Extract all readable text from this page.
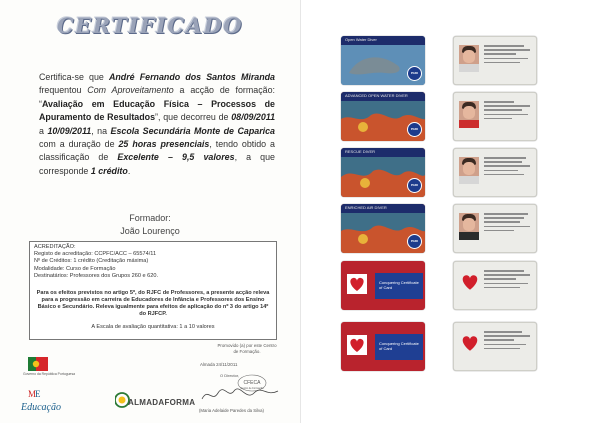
CERTIFICADO
Certifica-se que André Fernando dos Santos Miranda frequentou Com Aproveitamento a acção de formação: “Avaliação em Educação Física – Processos de Apuramento de Resultados”, que decorreu de 08/09/2011 a 10/09/2011, na Escola Secundária Monte de Caparica com a duração de 25 horas presenciais, tendo obtido a classificação de Excelente – 9,5 valores, a que corresponde 1 crédito.
Formador:
João Lourenço
ACREDITAÇÃO:
Registo de acreditação: CCPFC/ACC – 65574/11
Nº de Créditos: 1 crédito (Creditação máxima)
Modalidade: Curso de Formação
Destinatários: Professores dos Grupos 260 e 620.
Para os efeitos previstos no artigo 5º, do RJFC de Professores, a presente acção releva para a progressão em carreira de Educadores de Infância e Professores dos Ensino Básico e Secundário. Releva igualmente para efeitos de aplicação do nº 3 do artigo 14º do RJFCP.
A Escala de avaliação quantitativa: 1 a 10 valores
Promovido (a) por este Centro de Formação.
Almada 24/11/2011
O Director,
CFECA
Centro de Formação
(Maria Adelaide Paredes da Silva)
Governo da República Portuguesa
M
E
Educação	ALMADAFORMA
Open Water Diver
PADI
ADVANCED OPEN WATER DIVER
PADI
RESCUE DIVER
PADI
ENRICHED AIR DIVER
PADI
Conquering Certificate of Card
Conquering Certificate of Card
